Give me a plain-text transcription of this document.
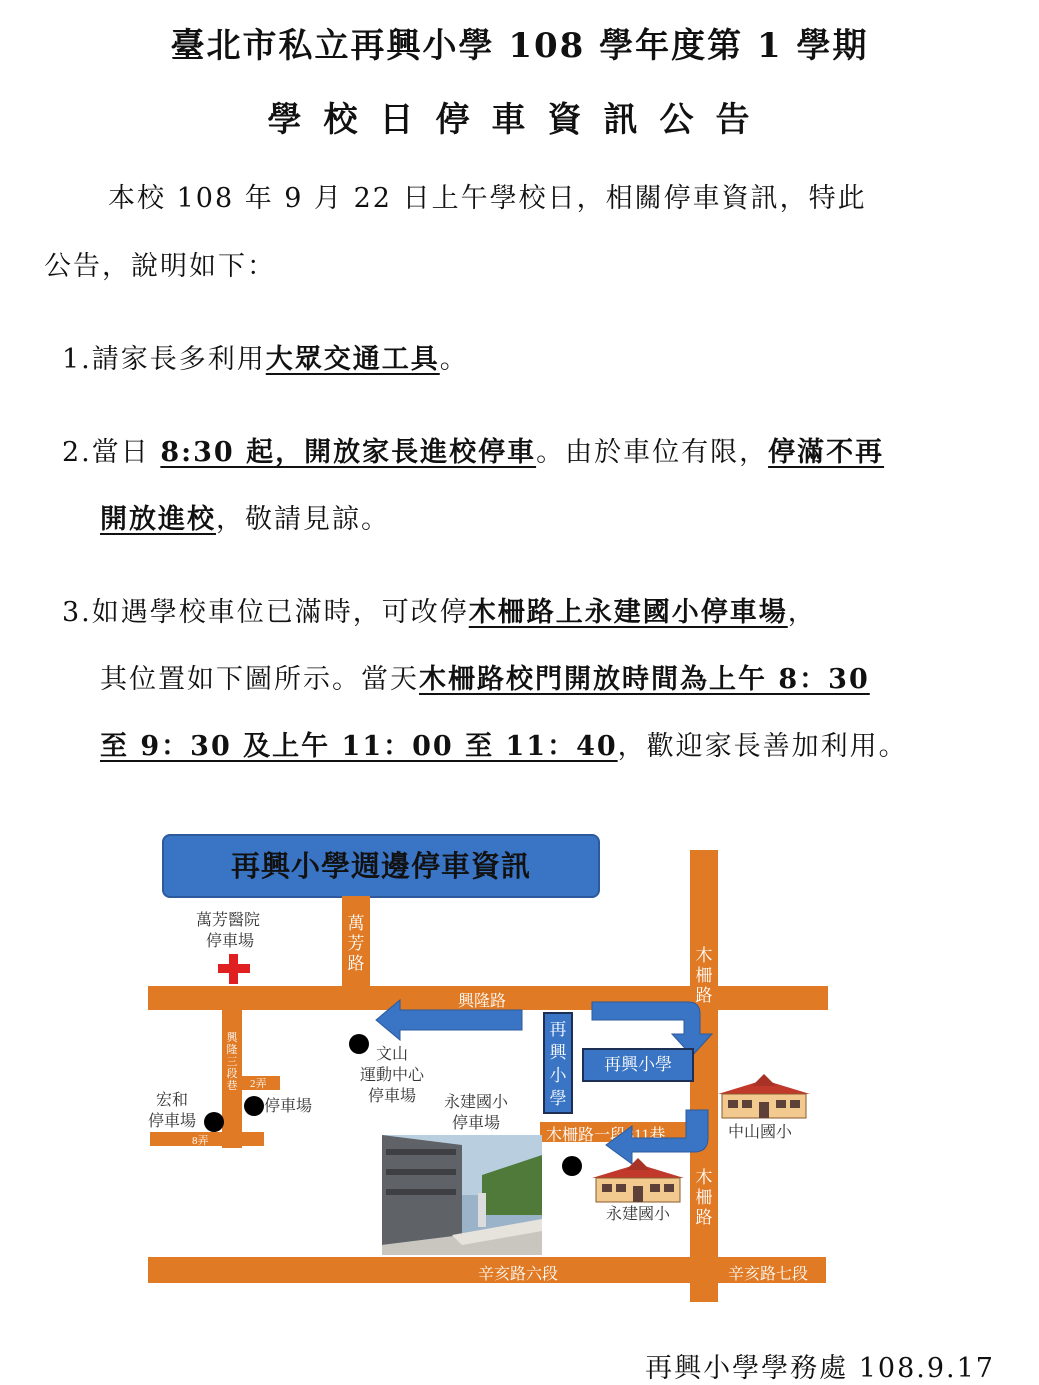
臺北市私立再興小學 108 學年度第 1 學期
學校日停車資訊公告
本校 108 年 9 月 22 日上午學校日，相關停車資訊，特此
公告，說明如下：
1.請家長多利用大眾交通工具。
2.當日 8:30 起，開放家長進校停車。由於車位有限，停滿不再
開放進校，敬請見諒。
3.如遇學校車位已滿時，可改停木柵路上永建國小停車場，
其位置如下圖所示。當天木柵路校門開放時間為上午 8：30
至 9：30 及上午 11：00 至 11：40，歡迎家長善加利用。
再興小學週邊停車資訊
興隆路
萬芳路	木柵路
木柵路
興隆三段巷	2弄
8弄	木柵路一段311巷
辛亥路六段	辛亥路七段
萬芳醫院
停車場
再興小學
再興小學
文山
運動中心
停車場
停車場
宏和
停車場
永建國小
停車場
中山國小
永建國小
再興小學學務處 108.9.17
